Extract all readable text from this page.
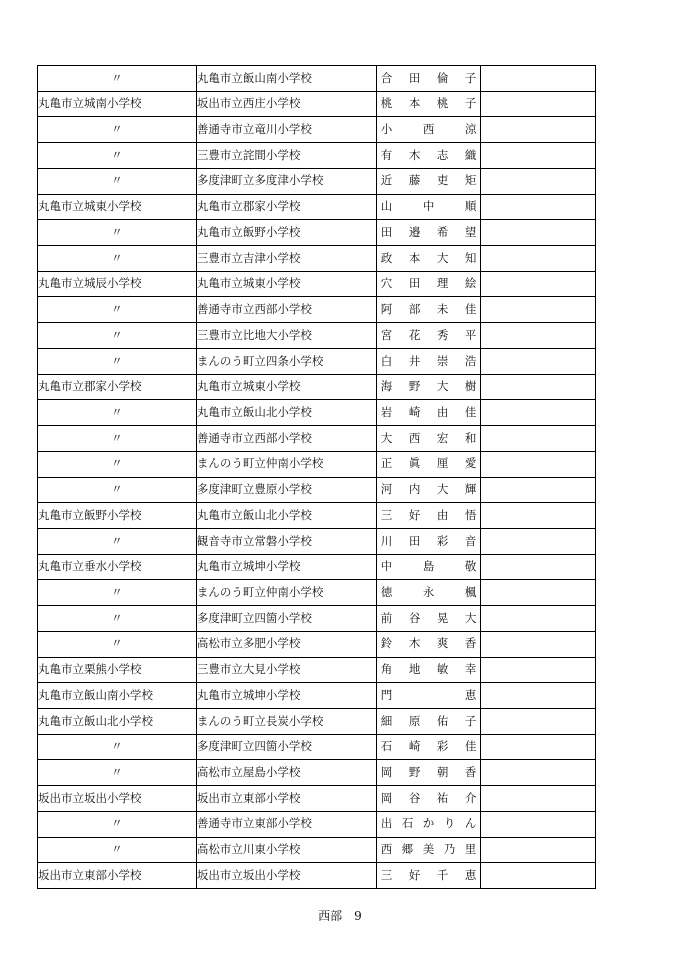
〃	丸亀市立飯山南小学校	合 田 倫 子	

丸亀市立城南小学校	坂出市立西庄小学校	桃 本 桃 子	

〃	善通寺市立竜川小学校	小 西 涼	

〃	三豊市立詫間小学校	有 木 志 織	

〃	多度津町立多度津小学校	近 藤 吏 矩	

丸亀市立城東小学校	丸亀市立郡家小学校	山 中 順	

〃	丸亀市立飯野小学校	田 邉 希 望	

〃	三豊市立吉津小学校	政 本 大 知	

丸亀市立城辰小学校	丸亀市立城東小学校	穴 田 理 絵	

〃	善通寺市立西部小学校	阿 部 未 佳	

〃	三豊市立比地大小学校	宮 花 秀 平	

〃	まんのう町立四条小学校	白 井 崇 浩	

丸亀市立郡家小学校	丸亀市立城東小学校	海 野 大 樹	

〃	丸亀市立飯山北小学校	岩 崎 由 佳	

〃	善通寺市立西部小学校	大 西 宏 和	

〃	まんのう町立仲南小学校	正 眞 厘 愛	

〃	多度津町立豊原小学校	河 内 大 輝	

丸亀市立飯野小学校	丸亀市立飯山北小学校	三 好 由 悟	

〃	観音寺市立常磐小学校	川 田 彩 音	

丸亀市立垂水小学校	丸亀市立城坤小学校	中 島 敬	

〃	まんのう町立仲南小学校	徳 永 楓	

〃	多度津町立四箇小学校	前 谷 晃 大	

〃	高松市立多肥小学校	鈴 木 爽 香	

丸亀市立栗熊小学校	三豊市立大見小学校	角 地 敏 幸	

丸亀市立飯山南小学校	丸亀市立城坤小学校	門 恵	

丸亀市立飯山北小学校	まんのう町立長炭小学校	細 原 佑 子	

〃	多度津町立四箇小学校	石 崎 彩 佳	

〃	高松市立屋島小学校	岡 野 朝 香	

坂出市立坂出小学校	坂出市立東部小学校	岡 谷 祐 介	

〃	善通寺市立東部小学校	出 石 か り ん	

〃	高松市立川東小学校	西 郷 美 乃 里	

坂出市立東部小学校	坂出市立坂出小学校	三 好 千 恵	

西部　9
